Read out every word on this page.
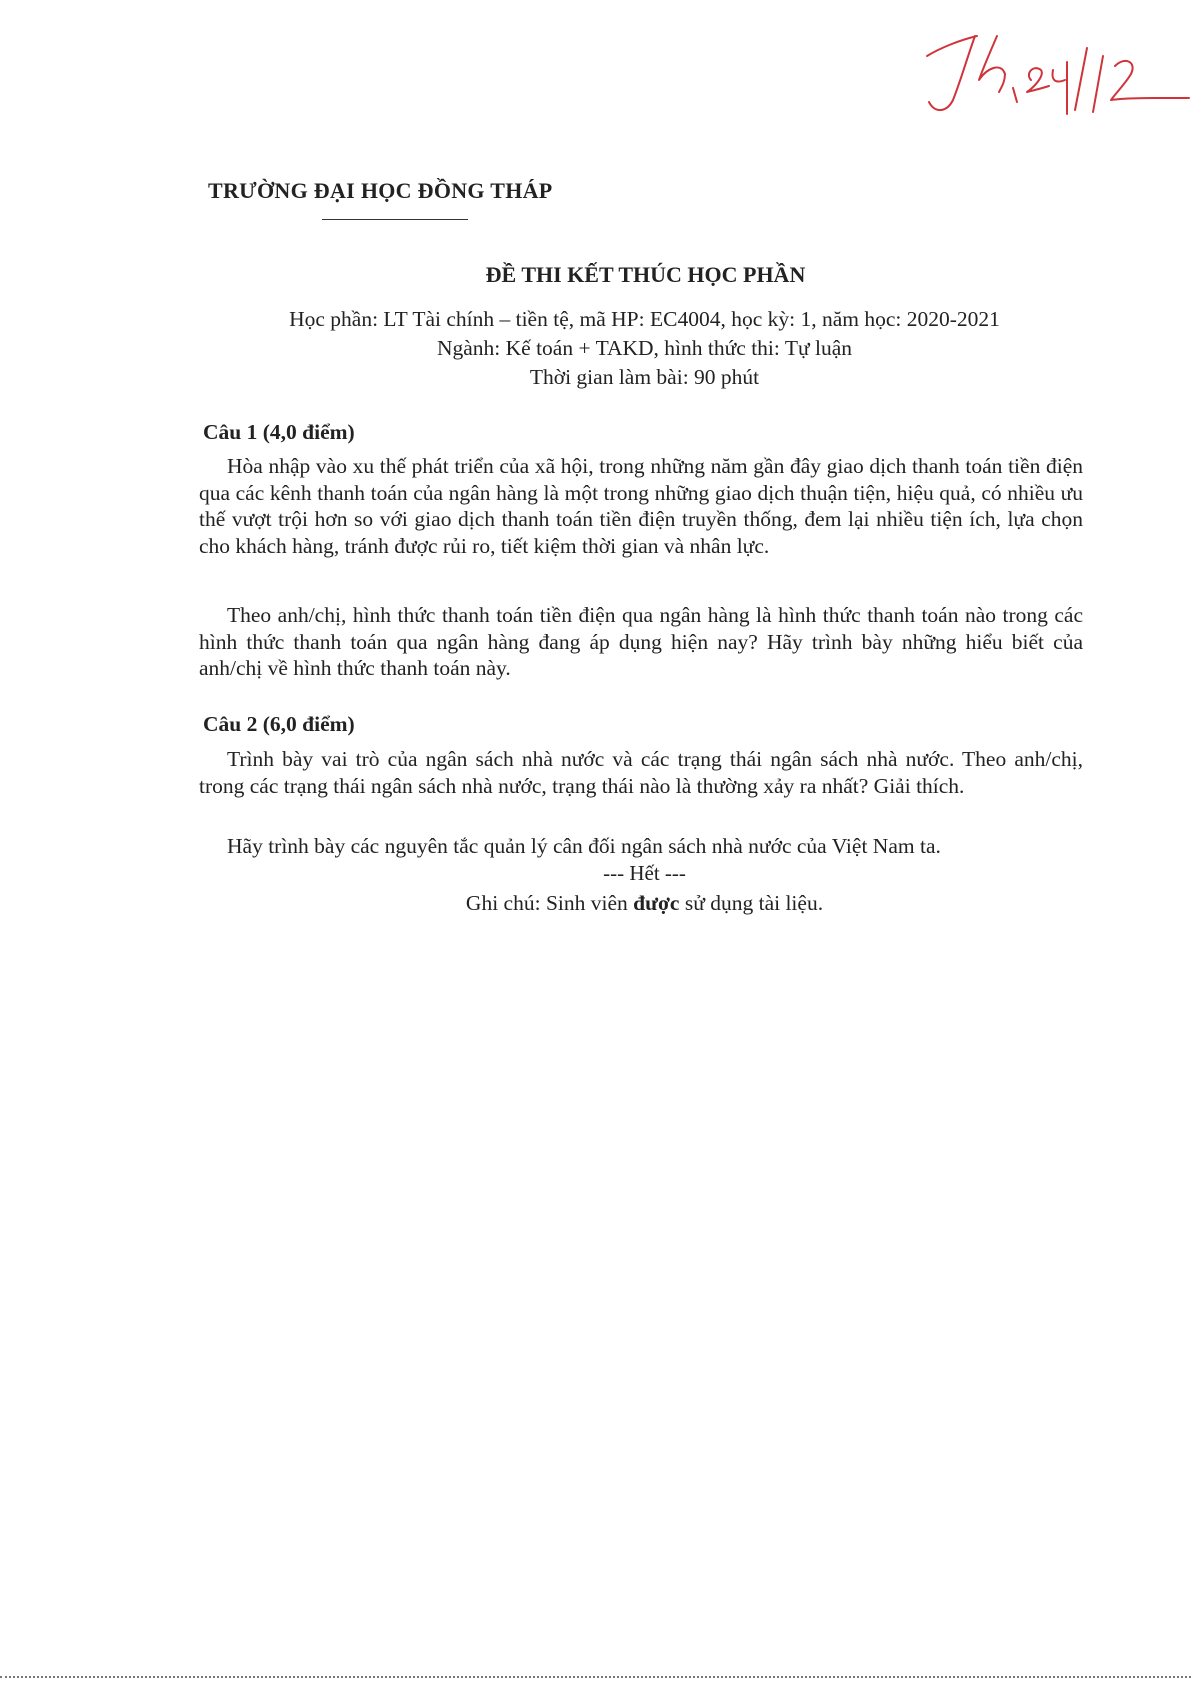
TRƯỜNG ĐẠI HỌC ĐỒNG THÁP
ĐỀ THI KẾT THÚC HỌC PHẦN
Học phần: LT Tài chính – tiền tệ, mã HP: EC4004, học kỳ: 1, năm học: 2020-2021
Ngành: Kế toán + TAKD, hình thức thi: Tự luận
Thời gian làm bài: 90 phút
Câu 1 (4,0 điểm)
Hòa nhập vào xu thế phát triển của xã hội, trong những năm gần đây giao dịch thanh toán tiền điện qua các kênh thanh toán của ngân hàng là một trong những giao dịch thuận tiện, hiệu quả, có nhiều ưu thế vượt trội hơn so với giao dịch thanh toán tiền điện truyền thống, đem lại nhiều tiện ích, lựa chọn cho khách hàng, tránh được rủi ro, tiết kiệm thời gian và nhân lực.
Theo anh/chị, hình thức thanh toán tiền điện qua ngân hàng là hình thức thanh toán nào trong các hình thức thanh toán qua ngân hàng đang áp dụng hiện nay? Hãy trình bày những hiểu biết của anh/chị về hình thức thanh toán này.
Câu 2 (6,0 điểm)
Trình bày vai trò của ngân sách nhà nước và các trạng thái ngân sách nhà nước. Theo anh/chị, trong các trạng thái ngân sách nhà nước, trạng thái nào là thường xảy ra nhất? Giải thích.
Hãy trình bày các nguyên tắc quản lý cân đối ngân sách nhà nước của Việt Nam ta.
--- Hết ---
Ghi chú: Sinh viên được sử dụng tài liệu.
